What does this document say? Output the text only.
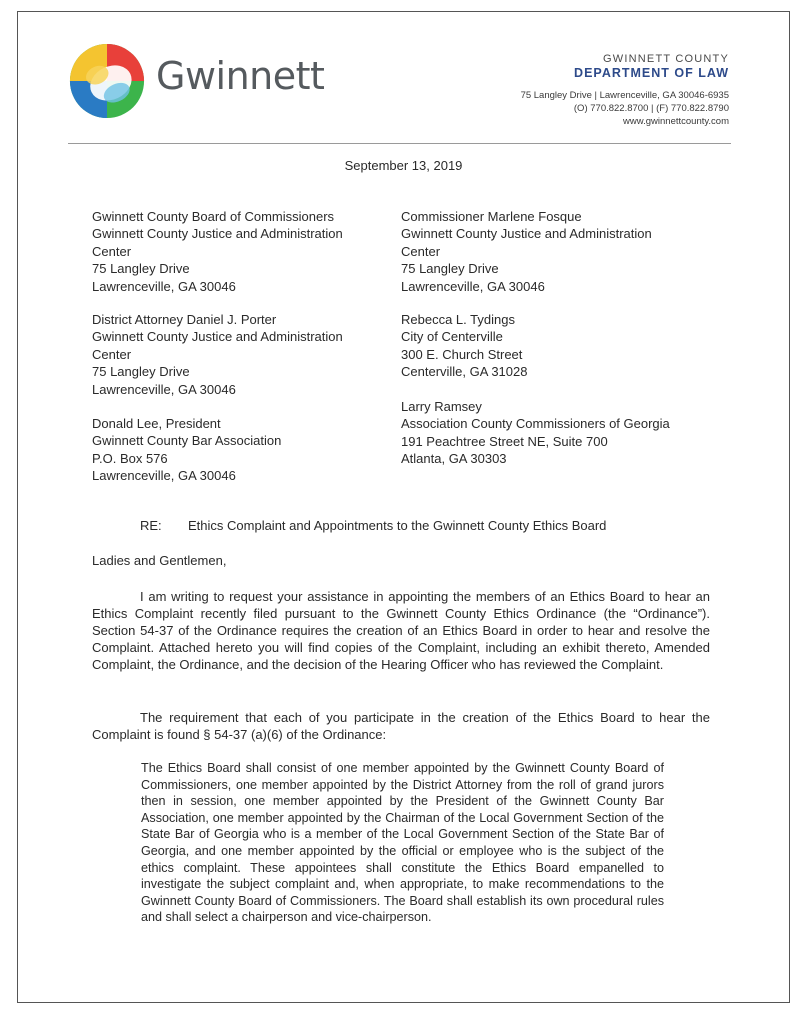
Gwinnett	GWINNETT COUNTY
DEPARTMENT OF LAW
75 Langley Drive | Lawrenceville, GA 30046-6935
(O) 770.822.8700 | (F) 770.822.8790
www.gwinnettcounty.com
September 13, 2019
Gwinnett County Board of Commissioners
Gwinnett County Justice and Administration
Center
75 Langley Drive
Lawrenceville, GA 30046
Commissioner Marlene Fosque
Gwinnett County Justice and Administration
Center
75 Langley Drive
Lawrenceville, GA 30046
District Attorney Daniel J. Porter
Gwinnett County Justice and Administration
Center
75 Langley Drive
Lawrenceville, GA 30046
Rebecca L. Tydings
City of Centerville
300 E. Church Street
Centerville, GA 31028
Donald Lee, President
Gwinnett County Bar Association
P.O. Box 576
Lawrenceville, GA 30046
Larry Ramsey
Association County Commissioners of Georgia
191 Peachtree Street NE, Suite 700
Atlanta, GA 30303
RE: Ethics Complaint and Appointments to the Gwinnett County Ethics Board
Ladies and Gentlemen,

I am writing to request your assistance in appointing the members of an Ethics Board to hear an Ethics Complaint recently filed pursuant to the Gwinnett County Ethics Ordinance (the “Ordinance”). Section 54-37 of the Ordinance requires the creation of an Ethics Board in order to hear and resolve the Complaint. Attached hereto you will find copies of the Complaint, including an exhibit thereto, Amended Complaint, the Ordinance, and the decision of the Hearing Officer who has reviewed the Complaint.

The requirement that each of you participate in the creation of the Ethics Board to hear the Complaint is found § 54-37 (a)(6) of the Ordinance:

The Ethics Board shall consist of one member appointed by the Gwinnett County Board of Commissioners, one member appointed by the District Attorney from the roll of grand jurors then in session, one member appointed by the President of the Gwinnett County Bar Association, one member appointed by the Chairman of the Local Government Section of the State Bar of Georgia who is a member of the Local Government Section of the State Bar of Georgia, and one member appointed by the official or employee who is the subject of the ethics complaint. These appointees shall constitute the Ethics Board empanelled to investigate the subject complaint and, when appropriate, to make recommendations to the Gwinnett County Board of Commissioners. The Board shall establish its own procedural rules and shall select a chairperson and vice-chairperson.
